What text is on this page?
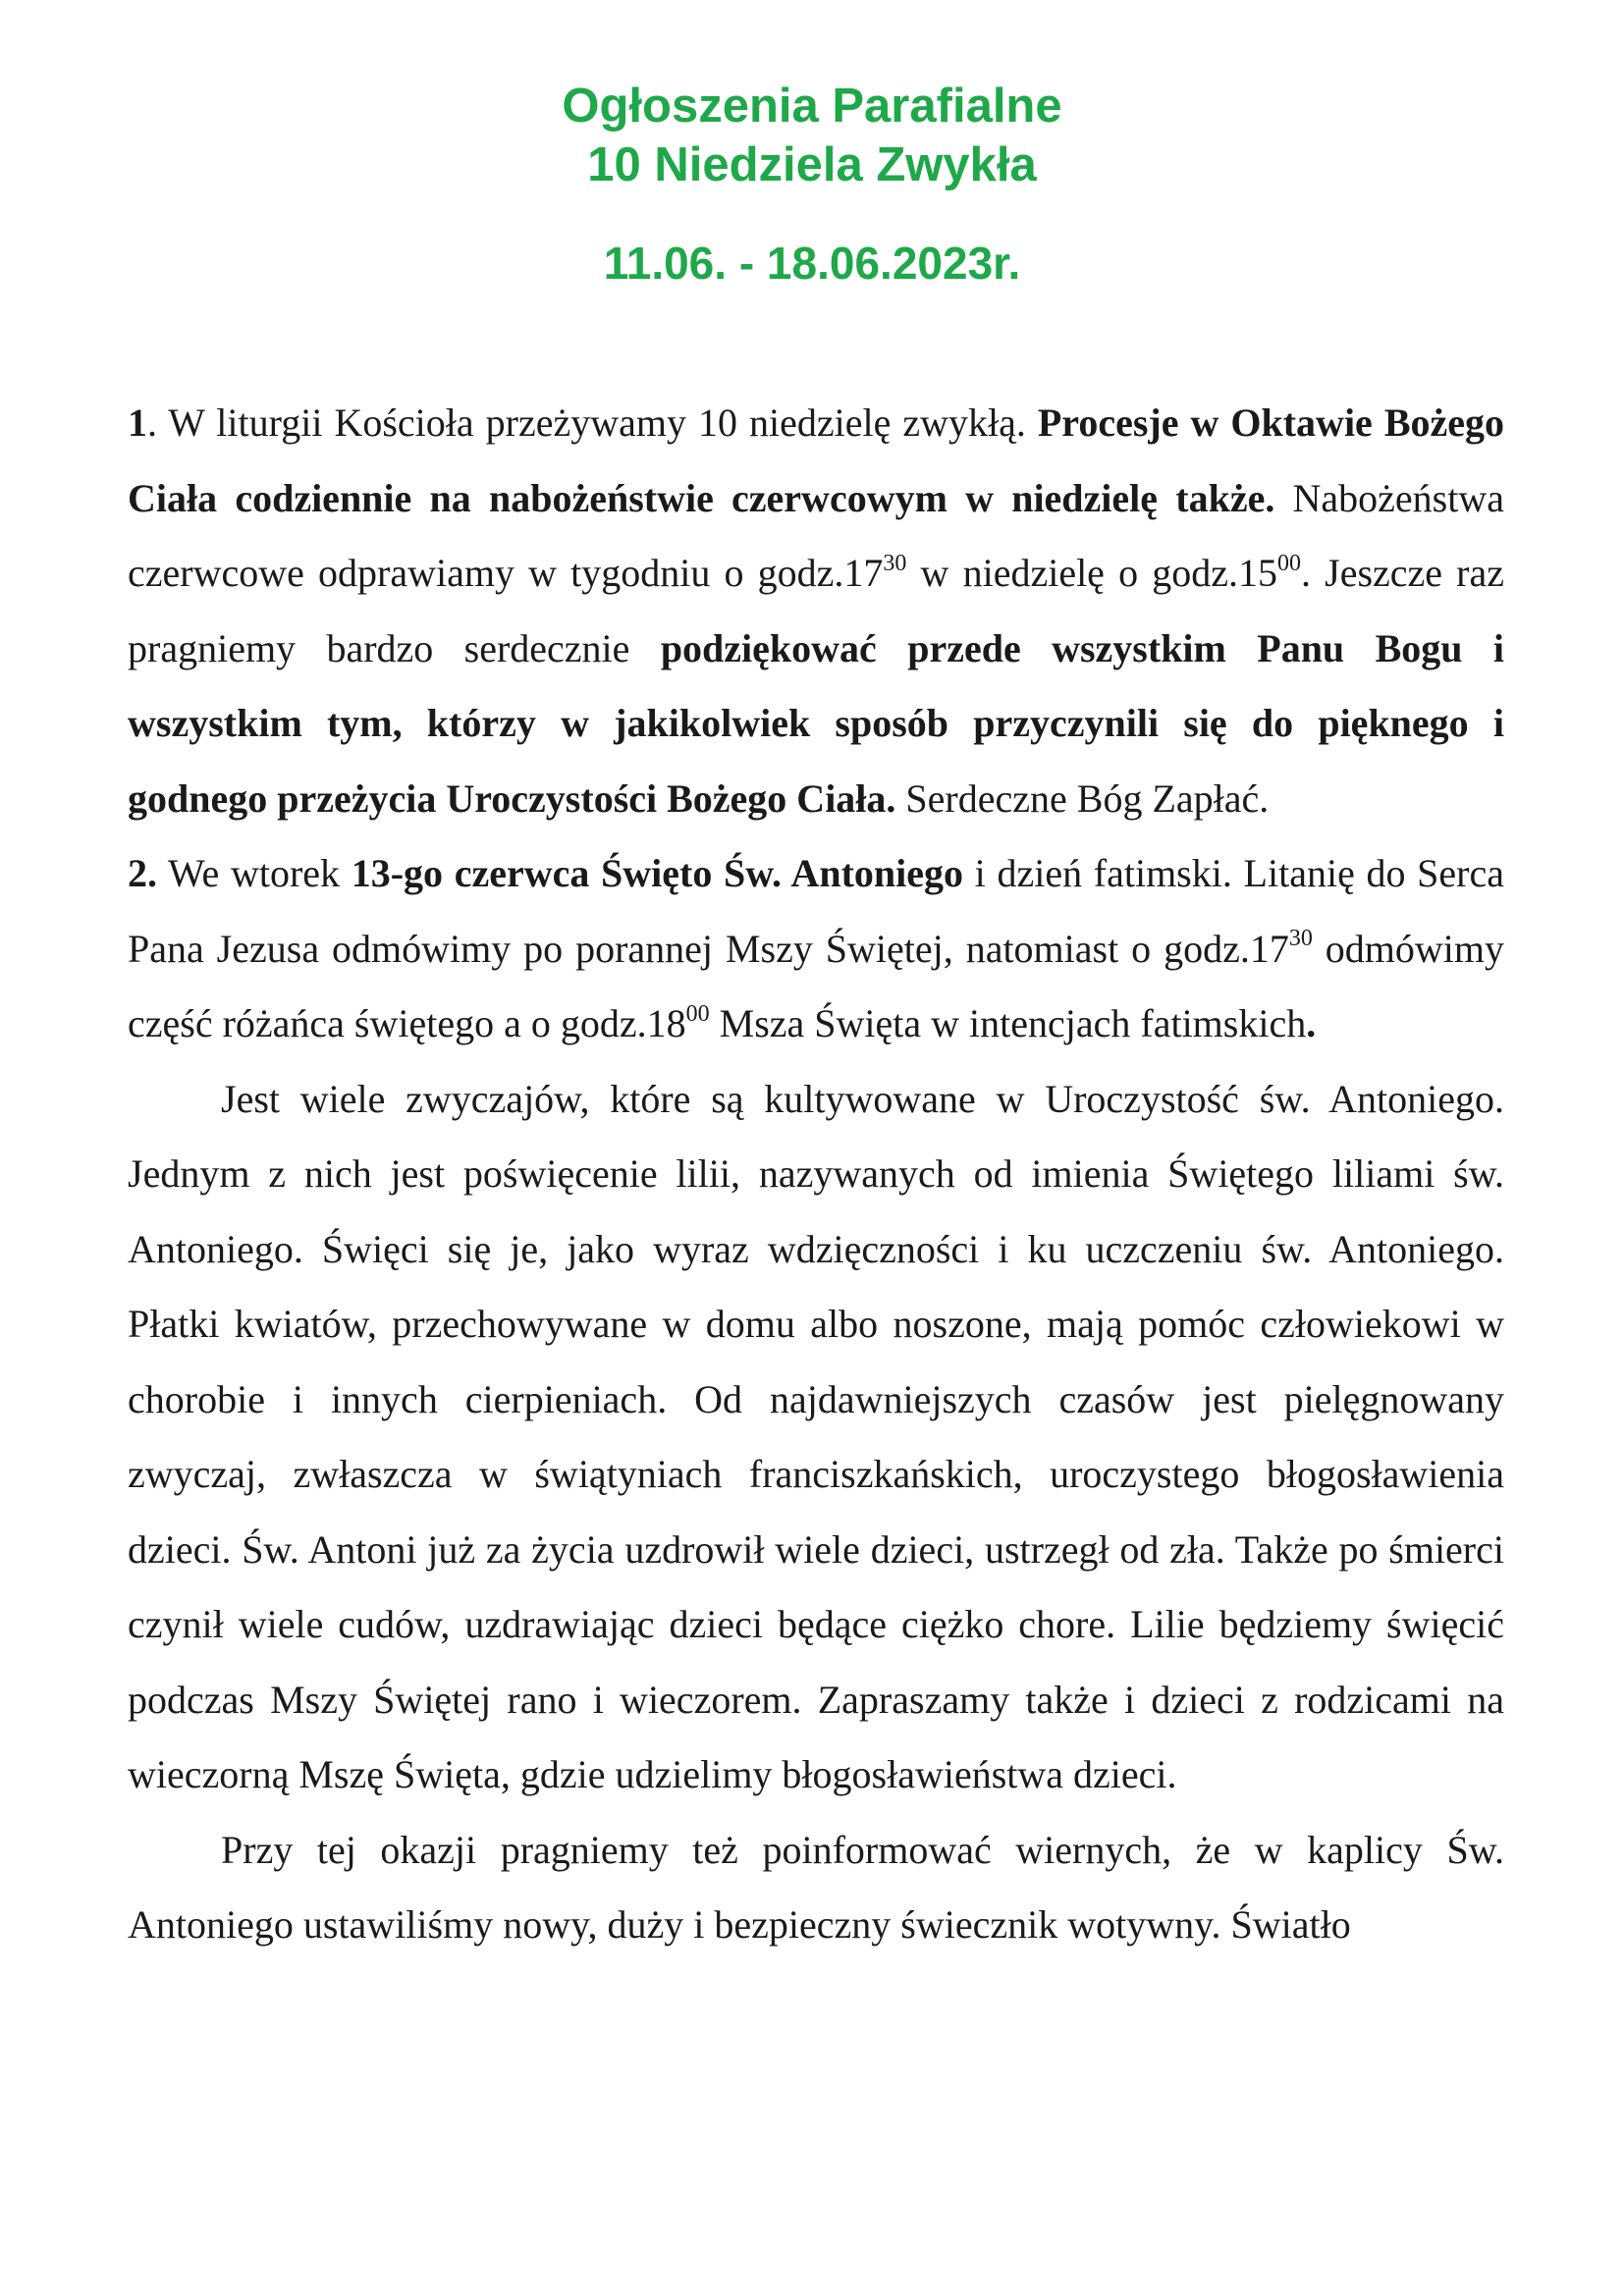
Ogłoszenia Parafialne
10 Niedziela Zwykła
11.06. - 18.06.2023r.

1. W liturgii Kościoła przeżywamy 10 niedzielę zwykłą. Procesje w Oktawie Bożego Ciała codziennie na nabożeństwie czerwcowym w niedzielę także. Nabożeństwa czerwcowe odprawiamy w tygodniu o $godz.17^{30}$ w niedzielę o $godz.15^{00}$. Jeszcze raz pragniemy bardzo serdecznie podziękować przede wszystkim Panu Bogu i wszystkim tym, którzy w jakikolwiek sposób przyczynili się do pięknego i godnego przeżycia Uroczystości Bożego Ciała. Serdeczne Bóg Zapłać.

2. We wtorek 13-go czerwca Święto Św. Antoniego i dzień fatimski. Litanię do Serca Pana Jezusa odmówimy po porannej Mszy Świętej, natomiast o $godz.17^{30}$ odmówimy część różańca świętego a o $godz.18^{00}$ Msza Święta w intencjach fatimskich.

Jest wiele zwyczajów, które są kultywowane w Uroczystość św. Antoniego. Jednym z nich jest poświęcenie lilii, nazywanych od imienia Świętego liliami św. Antoniego. Święci się je, jako wyraz wdzięczności i ku uczczeniu św. Antoniego. Płatki kwiatów, przechowywane w domu albo noszone, mają pomóc człowiekowi w chorobie i innych cierpieniach. Od najdawniejszych czasów jest pielęgnowany zwyczaj, zwłaszcza w świątyniach franciszkańskich, uroczystego błogosławienia dzieci. Św. Antoni już za życia uzdrowił wiele dzieci, ustrzegł od zła. Także po śmierci czynił wiele cudów, uzdrawiając dzieci będące ciężko chore. Lilie będziemy święcić podczas Mszy Świętej rano i wieczorem. Zapraszamy także i dzieci z rodzicami na wieczorną Mszę Święta, gdzie udzielimy błogosławieństwa dzieci.

Przy tej okazji pragniemy też poinformować wiernych, że w kaplicy Św. Antoniego ustawiliśmy nowy, duży i bezpieczny świecznik wotywny. Światło
